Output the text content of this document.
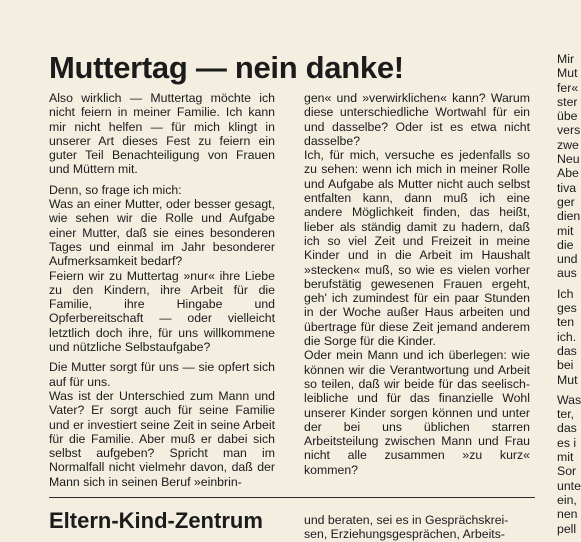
Muttertag — nein danke!

Also wirklich — Muttertag möchte ich nicht feiern in meiner Familie. Ich kann mir nicht helfen — für mich klingt in unserer Art dieses Fest zu feiern ein guter Teil Benachteiligung von Frauen und Müttern mit.

Denn, so frage ich mich:

Was an einer Mutter, oder besser gesagt, wie sehen wir die Rolle und Aufgabe einer Mutter, daß sie eines besonderen Tages und einmal im Jahr besonderer Aufmerksamkeit bedarf?

Feiern wir zu Muttertag »nur« ihre Liebe zu den Kindern, ihre Arbeit für die Familie, ihre Hingabe und Opferbereitschaft — oder vielleicht letztlich doch ihre, für uns willkommene und nützliche Selbstaufgabe?

Die Mutter sorgt für uns — sie opfert sich auf für uns.

Was ist der Unterschied zum Mann und Vater? Er sorgt auch für seine Familie und er investiert seine Zeit in seine Arbeit für die Familie. Aber muß er dabei sich selbst aufgeben? Spricht man im Normalfall nicht vielmehr davon, daß der Mann sich in seinen Beruf »einbrin-

gen« und »verwirklichen« kann? Warum diese unterschiedliche Wortwahl für ein und dasselbe? Oder ist es etwa nicht dasselbe?

Ich, für mich, versuche es jedenfalls so zu sehen: wenn ich mich in meiner Rolle und Aufgabe als Mutter nicht auch selbst entfalten kann, dann muß ich eine andere Möglichkeit finden, das heißt, lieber als ständig damit zu hadern, daß ich so viel Zeit und Freizeit in meine Kinder und in die Arbeit im Haushalt »stecken« muß, so wie es vielen vorher berufstätig gewesenen Frauen ergeht, geh' ich zumindest für ein paar Stunden in der Woche außer Haus arbeiten und übertrage für diese Zeit jemand anderem die Sorge für die Kinder.

Oder mein Mann und ich überlegen: wie können wir die Verantwortung und Arbeit so teilen, daß wir beide für das seelisch-leibliche und für das finanzielle Wohl unserer Kinder sorgen können und unter der bei uns üblichen starren Arbeitsteilung zwischen Mann und Frau nicht alle zusammen »zu kurz« kommen?

Mir

Mut

fer«

ster

übe

vers

zwe

Neu

Abe

tiva

ger

dien

mit

die

und

aus

Ich

ges

ten

ich.

das

bei

Mut

Was

ter,

das

es i

mit

Sor

unte

ein,

nen

pell

Eltern-Kind-Zentrum	und beraten, sei es in Gesprächskrei-
sen, Erziehungsgesprächen, Arbeits-
